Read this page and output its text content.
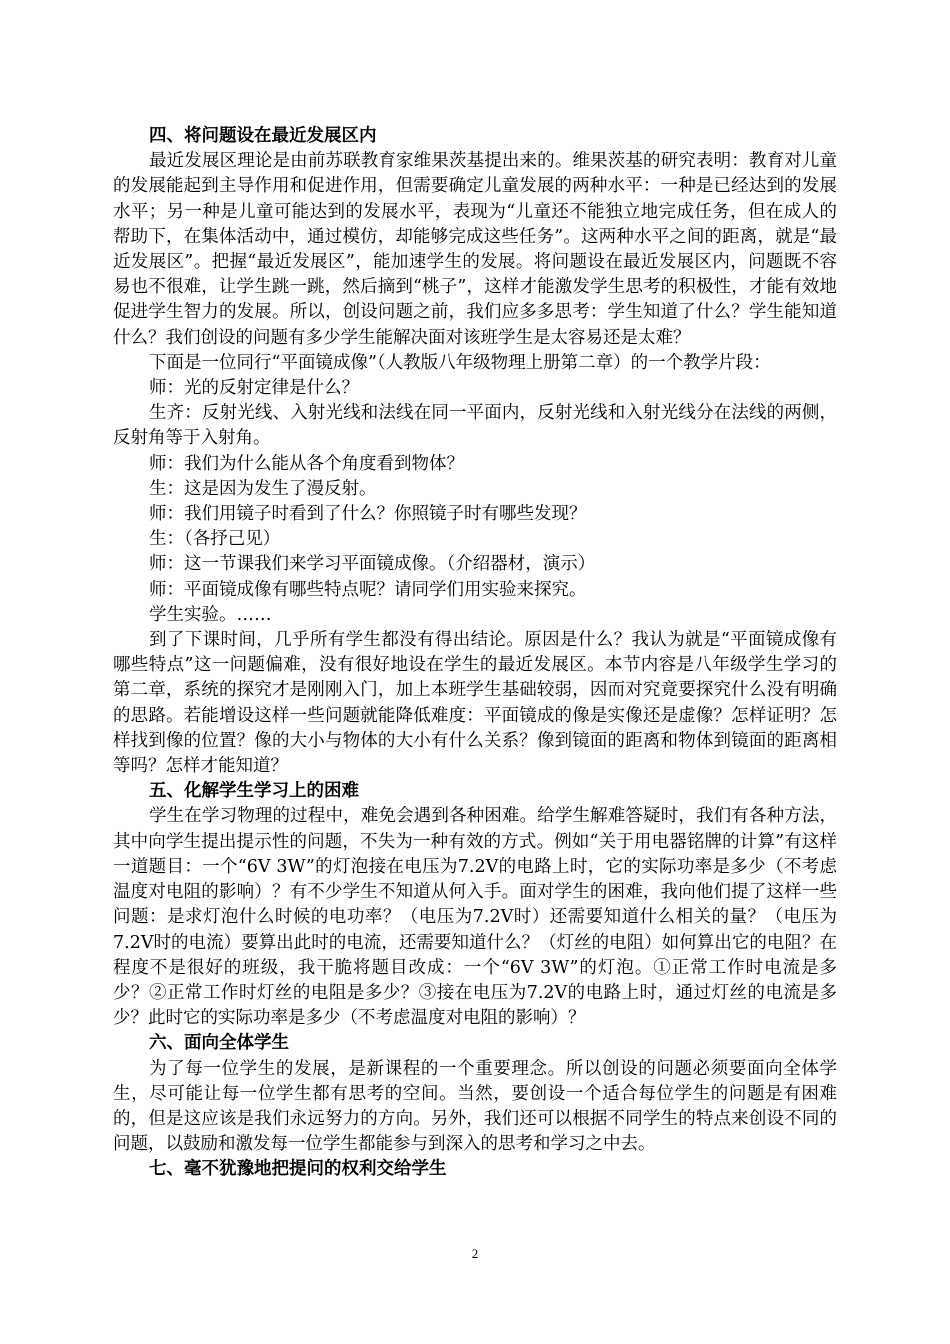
四、将问题设在最近发展区内

最近发展区理论是由前苏联教育家维果茨基提出来的。维果茨基的研究表明：教育对儿童的发展能起到主导作用和促进作用，但需要确定儿童发展的两种水平：一种是已经达到的发展水平；另一种是儿童可能达到的发展水平，表现为“儿童还不能独立地完成任务，但在成人的帮助下，在集体活动中，通过模仿，却能够完成这些任务”。这两种水平之间的距离，就是“最近发展区”。把握“最近发展区”，能加速学生的发展。将问题设在最近发展区内，问题既不容易也不很难，让学生跳一跳，然后摘到“桃子”，这样才能激发学生思考的积极性，才能有效地促进学生智力的发展。所以，创设问题之前，我们应多多思考：学生知道了什么？学生能知道什么？我们创设的问题有多少学生能解决面对该班学生是太容易还是太难？

下面是一位同行“平面镜成像”（人教版八年级物理上册第二章）的一个教学片段：

师：光的反射定律是什么？

生齐：反射光线、入射光线和法线在同一平面内，反射光线和入射光线分在法线的两侧，反射角等于入射角。

师：我们为什么能从各个角度看到物体？

生：这是因为发生了漫反射。

师：我们用镜子时看到了什么？你照镜子时有哪些发现？

生：（各抒己见）

师：这一节课我们来学习平面镜成像。（介绍器材，演示）

师：平面镜成像有哪些特点呢？请同学们用实验来探究。

学生实验。……

到了下课时间，几乎所有学生都没有得出结论。原因是什么？我认为就是“平面镜成像有哪些特点”这一问题偏难，没有很好地设在学生的最近发展区。本节内容是八年级学生学习的第二章，系统的探究才是刚刚入门，加上本班学生基础较弱，因而对究竟要探究什么没有明确的思路。若能增设这样一些问题就能降低难度：平面镜成的像是实像还是虚像？怎样证明？怎样找到像的位置？像的大小与物体的大小有什么关系？像到镜面的距离和物体到镜面的距离相等吗？怎样才能知道？

五、化解学生学习上的困难

学生在学习物理的过程中，难免会遇到各种困难。给学生解难答疑时，我们有各种方法，其中向学生提出提示性的问题，不失为一种有效的方式。例如“关于用电器铭牌的计算”有这样一道题目：一个“6V 3W”的灯泡接在电压为7.2V的电路上时，它的实际功率是多少（不考虑温度对电阻的影响）？有不少学生不知道从何入手。面对学生的困难，我向他们提了这样一些问题：是求灯泡什么时候的电功率？（电压为7.2V时）还需要知道什么相关的量？（电压为7.2V时的电流）要算出此时的电流，还需要知道什么？（灯丝的电阻）如何算出它的电阻？在程度不是很好的班级，我干脆将题目改成：一个“6V 3W”的灯泡。①正常工作时电流是多少？②正常工作时灯丝的电阻是多少？③接在电压为7.2V的电路上时，通过灯丝的电流是多少？此时它的实际功率是多少（不考虑温度对电阻的影响）？

六、面向全体学生

为了每一位学生的发展，是新课程的一个重要理念。所以创设的问题必须要面向全体学生，尽可能让每一位学生都有思考的空间。当然，要创设一个适合每位学生的问题是有困难的，但是这应该是我们永远努力的方向。另外，我们还可以根据不同学生的特点来创设不同的问题，以鼓励和激发每一位学生都能参与到深入的思考和学习之中去。

七、毫不犹豫地把提问的权利交给学生

2
